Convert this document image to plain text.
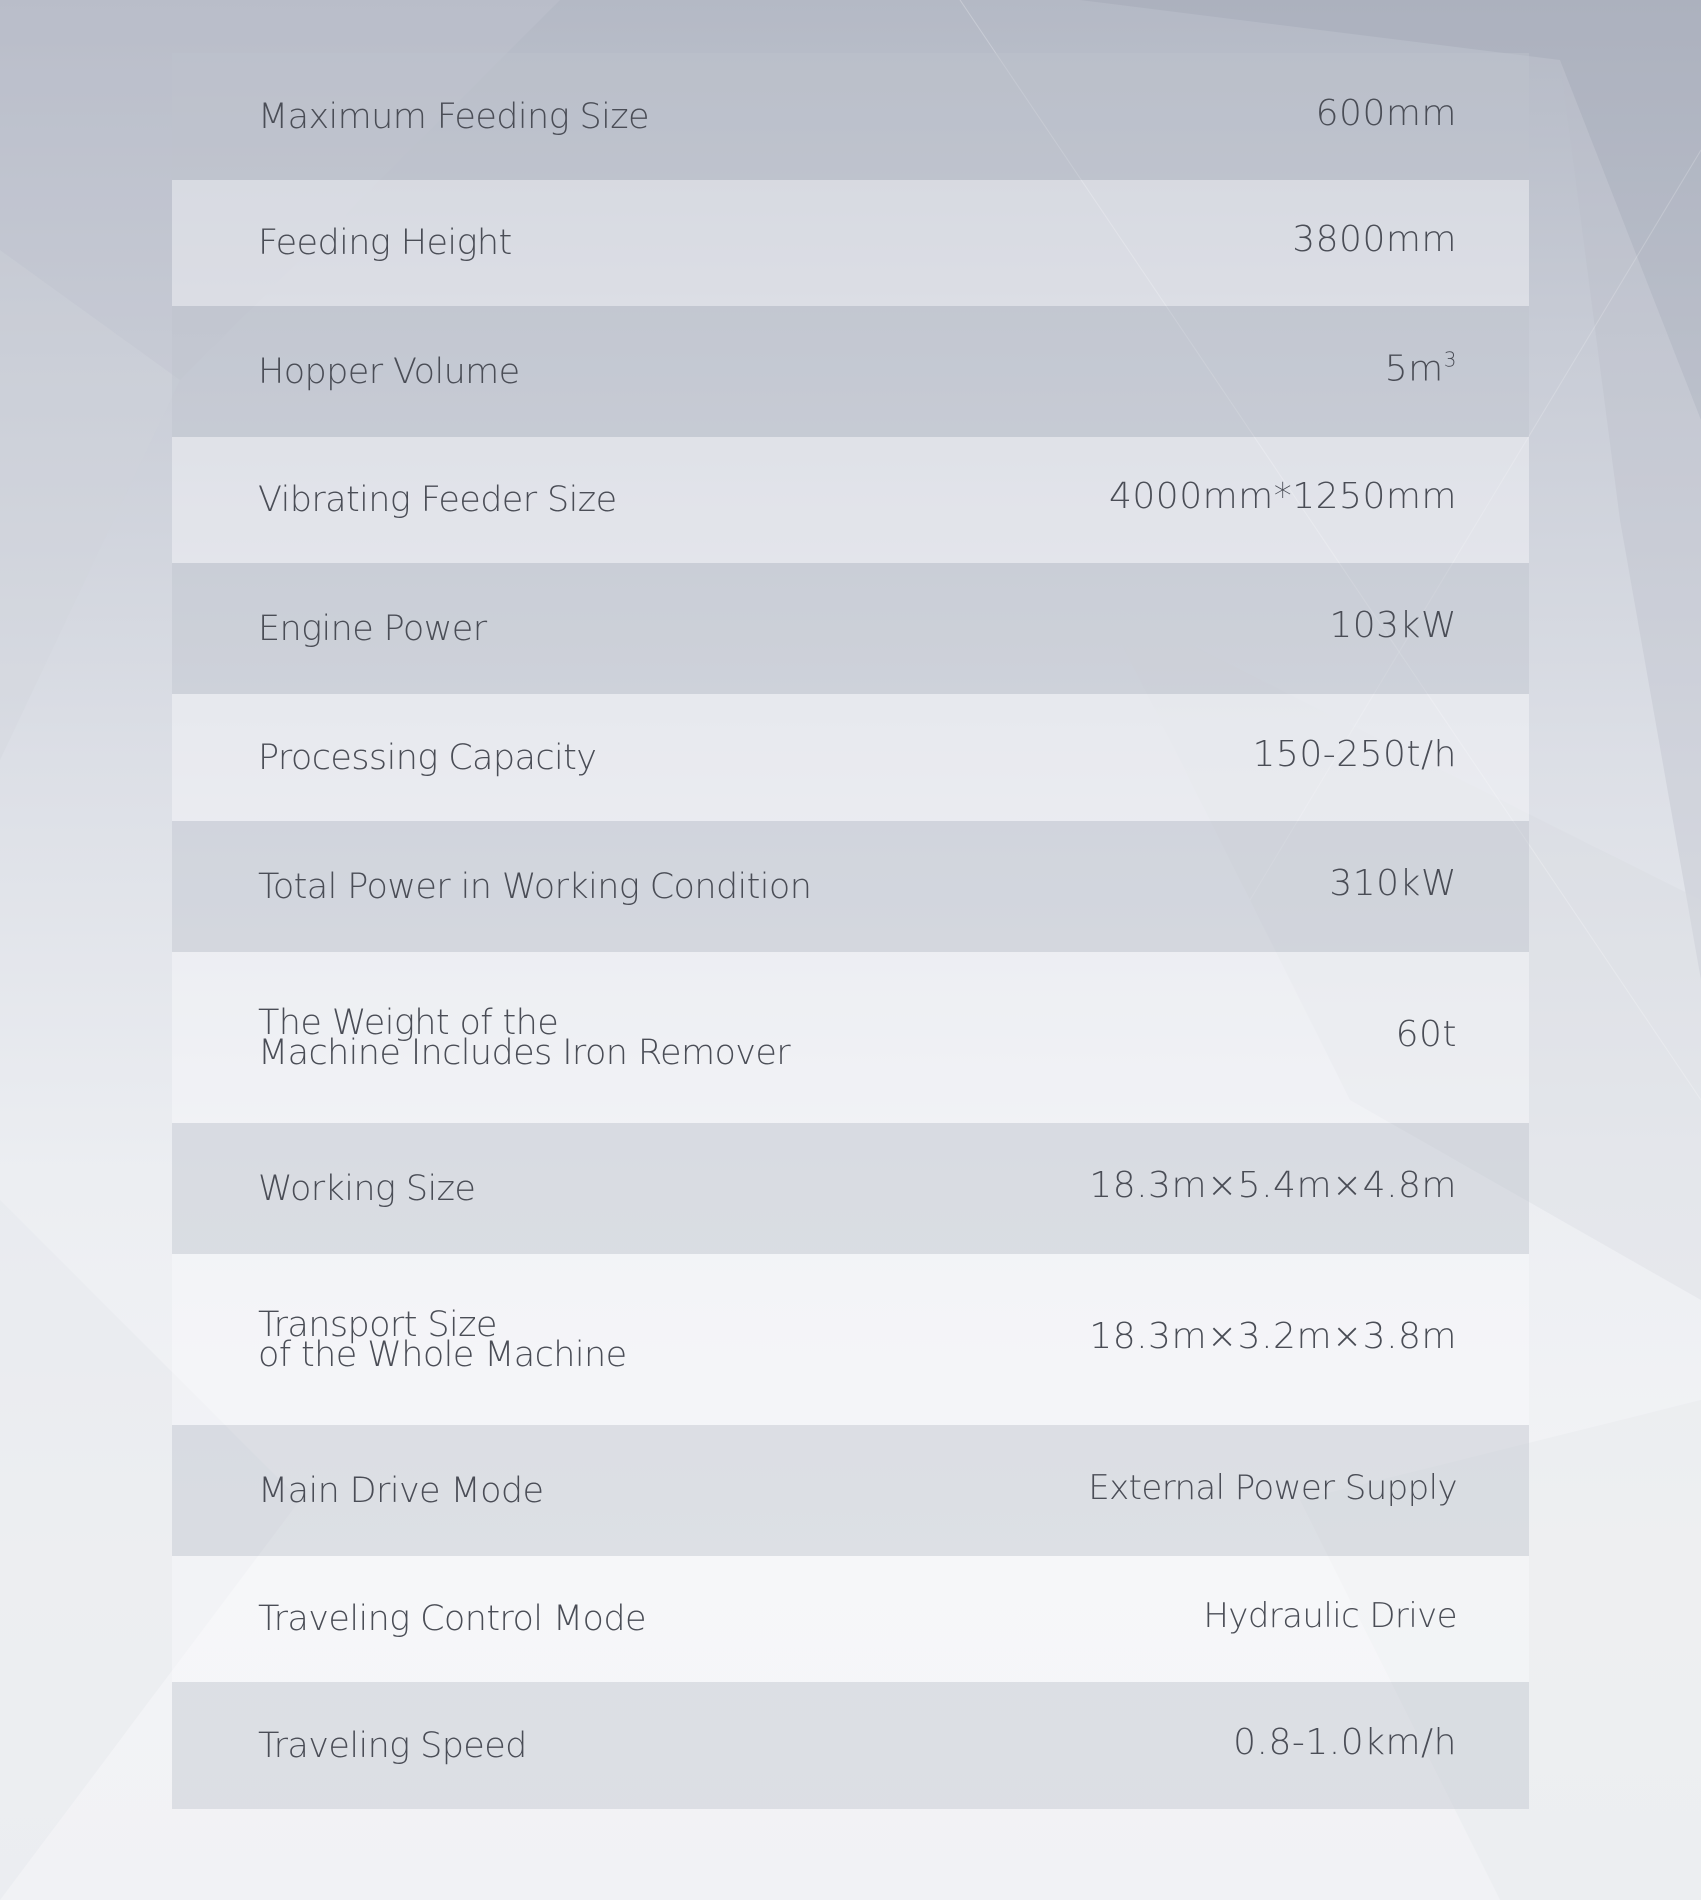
Maximum Feeding Size	600mm
Feeding Height	3800mm
Hopper Volume	$5m^3$
Vibrating Feeder Size	4000mm*1250mm
Engine Power	103kW
Processing Capacity	150-250t/h
Total Power in Working Condition	310kW
The Weight of the
Machine Includes Iron Remover	60t
Working Size	18.3m×5.4m×4.8m
Transport Size
of the Whole Machine	18.3m×3.2m×3.8m
Main Drive Mode	External Power Supply
Traveling Control Mode	Hydraulic Drive
Traveling Speed	0.8-1.0km/h
